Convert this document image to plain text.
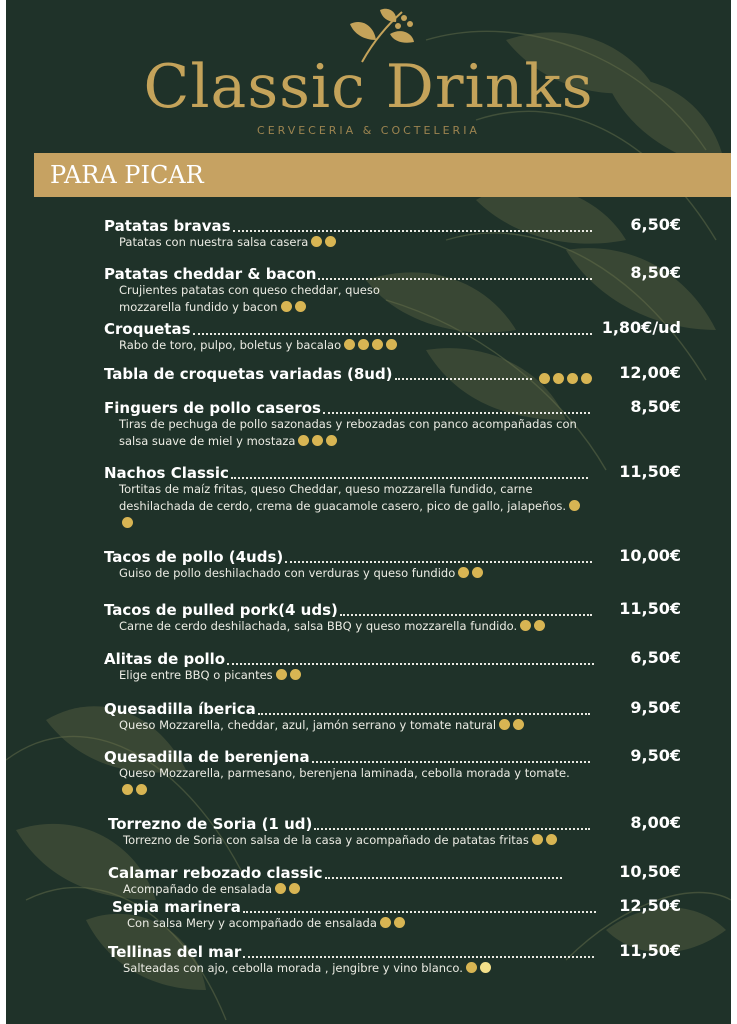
Classic Drinks
CERVECERIA & COCTELERIA
PARA PICAR
Patatas bravas	6,50€
Patatas con nuestra salsa casera
Patatas cheddar & bacon	8,50€
Crujientes patatas con queso cheddar, queso mozzarella fundido y bacon
Croquetas	1,80€/ud
Rabo de toro, pulpo, boletus y bacalao
Tabla de croquetas variadas (8ud)	12,00€
Finguers de pollo caseros	8,50€
Tiras de pechuga de pollo sazonadas y rebozadas con panco acompañadas con salsa suave de miel y mostaza
Nachos Classic	11,50€
Tortitas de maíz fritas, queso Cheddar, queso mozzarella fundido, carne deshilachada de cerdo, crema de guacamole casero, pico de gallo, jalapeños.
Tacos de pollo (4uds)	10,00€
Guiso de pollo deshilachado con verduras y queso fundido
Tacos de pulled pork(4 uds)	11,50€
Carne de cerdo deshilachada, salsa BBQ y queso mozzarella fundido.
Alitas de pollo	6,50€
Elige entre BBQ o picantes
Quesadilla íberica	9,50€
Queso Mozzarella, cheddar, azul, jamón serrano y tomate natural
Quesadilla de berenjena	9,50€
Queso Mozzarella, parmesano, berenjena laminada, cebolla morada y tomate.
Torrezno de Soria (1 ud)	8,00€
Torrezno de Soria con salsa de la casa y acompañado de patatas fritas
Calamar rebozado classic	10,50€
Acompañado de ensalada
Sepia marinera	12,50€
Con salsa Mery y acompañado de ensalada
Tellinas del mar	11,50€
Salteadas con ajo, cebolla morada , jengibre y vino blanco.
